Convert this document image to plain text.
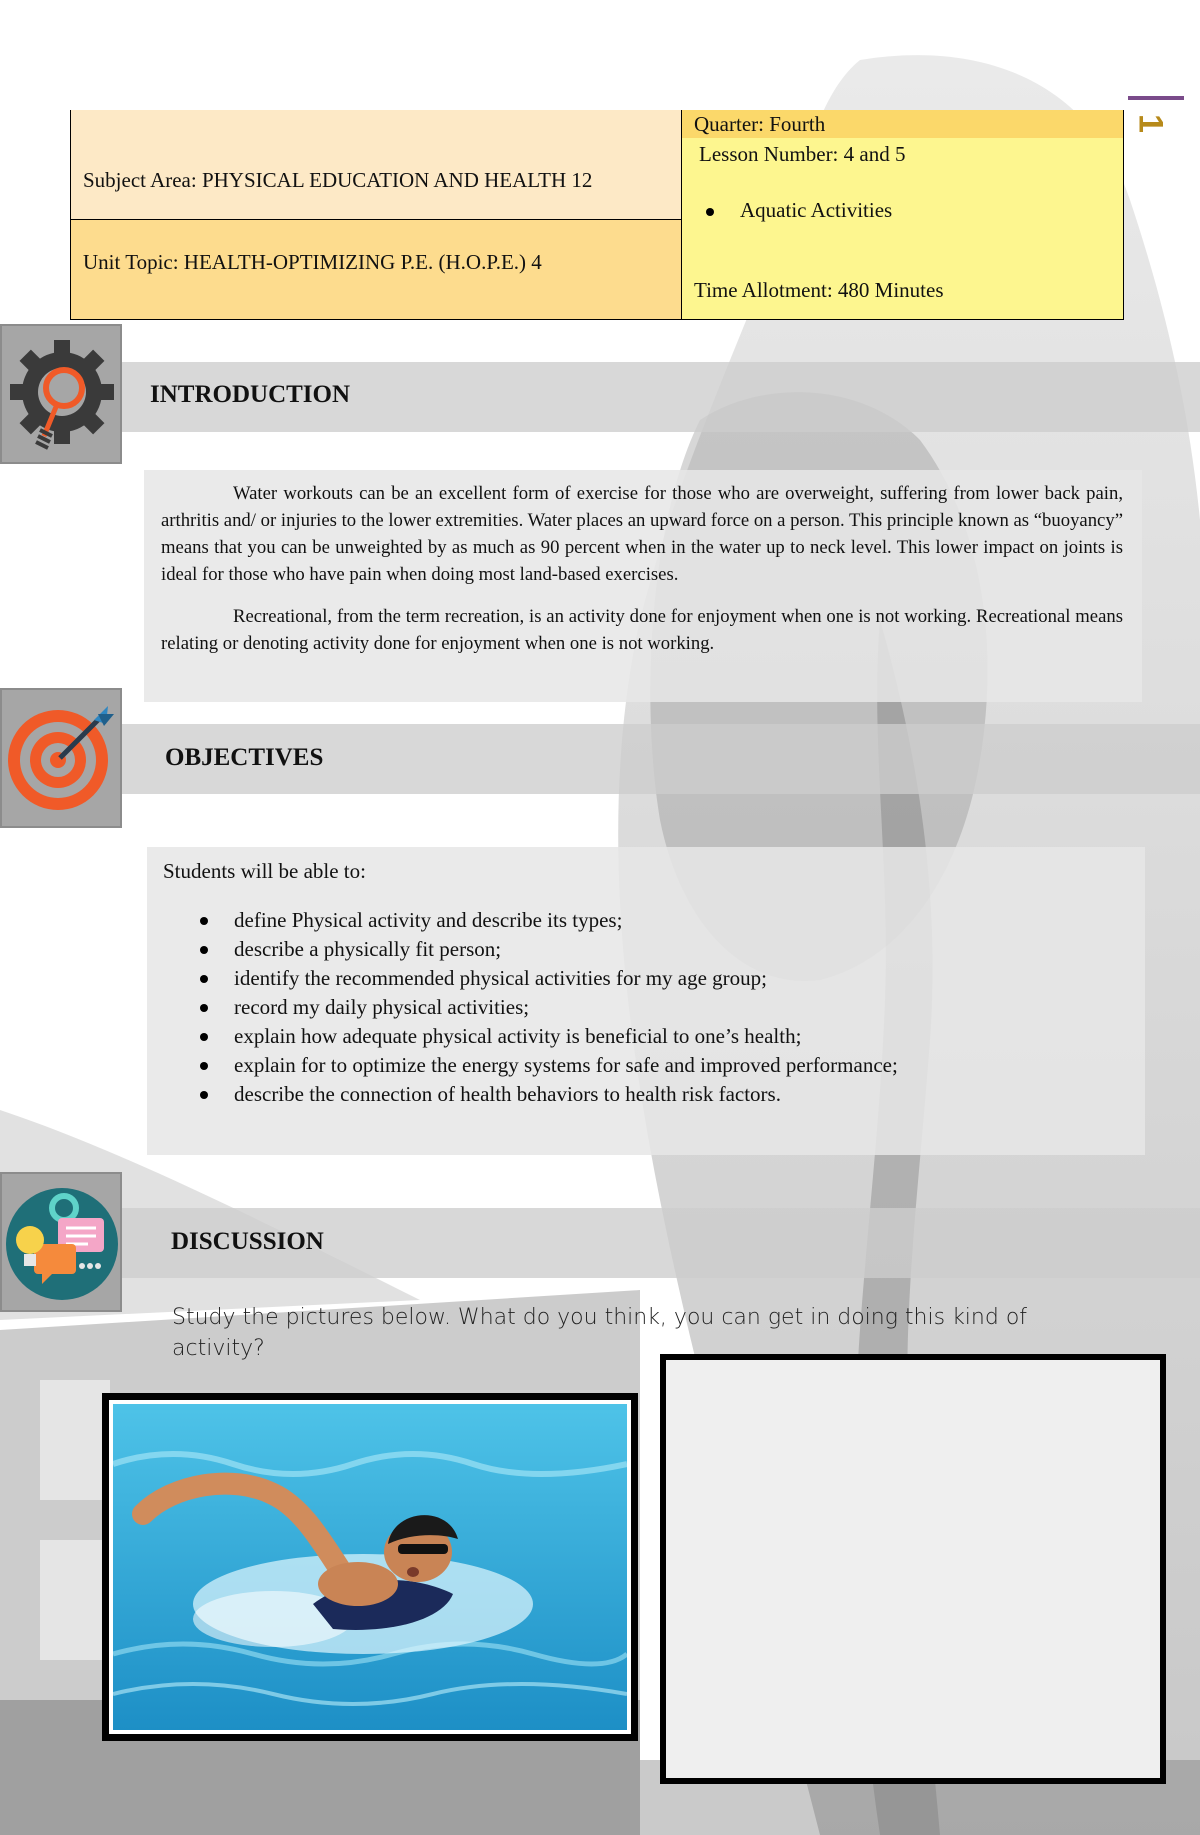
1
Subject Area: PHYSICAL EDUCATION AND HEALTH 12
Unit Topic: HEALTH-OPTIMIZING P.E. (H.O.P.E.) 4
Quarter: Fourth
Lesson Number: 4 and 5
Aquatic Activities
Time Allotment: 480 Minutes
INTRODUCTION

Water workouts can be an excellent form of exercise for those who are overweight, suffering from lower back pain, arthritis and/ or injuries to the lower extremities. Water places an upward force on a person. This principle known as “buoyancy” means that you can be unweighted by as much as 90 percent when in the water up to neck level. This lower impact on joints is ideal for those who have pain when doing most land-based exercises.

Recreational, from the term recreation, is an activity done for enjoyment when one is not working. Recreational means relating or denoting activity done for enjoyment when one is not working.

OBJECTIVES
Students will be able to:
define Physical activity and describe its types;
describe a physically fit person;
identify the recommended physical activities for my age group;
record my daily physical activities;
explain how adequate physical activity is beneficial to one’s health;
explain for to optimize the energy systems for safe and improved performance;
describe the connection of health behaviors to health risk factors.
DISCUSSION
Study the pictures below. What do you think, you can get in doing this kind of activity?
